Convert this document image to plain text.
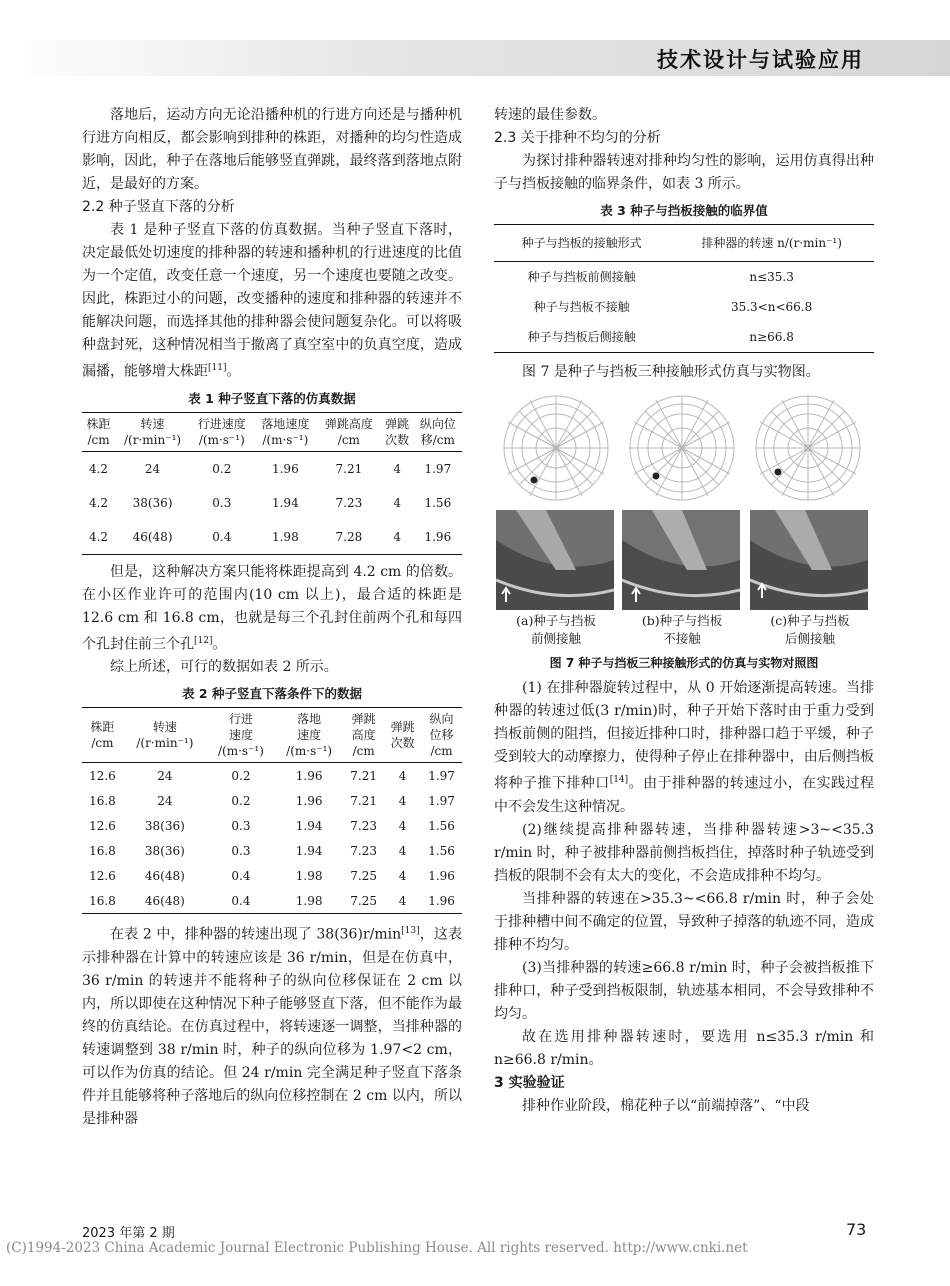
技术设计与试验应用

落地后，运动方向无论沿播种机的行进方向还是与播种机行进方向相反，都会影响到排种的株距，对播种的均匀性造成影响，因此，种子在落地后能够竖直弹跳，最终落到落地点附近，是最好的方案。

2.2 种子竖直下落的分析

表 1 是种子竖直下落的仿真数据。当种子竖直下落时，决定最低处切速度的排种器的转速和播种机的行进速度的比值为一个定值，改变任意一个速度，另一个速度也要随之改变。因此，株距过小的问题，改变播种的速度和排种器的转速并不能解决问题，而选择其他的排种器会使问题复杂化。可以将吸种盘封死，这种情况相当于撤离了真空室中的负真空度，造成漏播，能够增大株距[11]。

表 1 种子竖直下落的仿真数据
株距
/cm	转速
/(r·min⁻¹)	行进速度
/(m·s⁻¹)	落地速度
/(m·s⁻¹)	弹跳高度
/cm	弹跳
次数	纵向位
移/cm
4.2	24	0.2	1.96	7.21	4	1.97
4.2	38(36)	0.3	1.94	7.23	4	1.56
4.2	46(48)	0.4	1.98	7.28	4	1.96

但是，这种解决方案只能将株距提高到 4.2 cm 的倍数。在小区作业许可的范围内(10 cm 以上)，最合适的株距是 12.6 cm 和 16.8 cm，也就是每三个孔封住前两个孔和每四个孔封住前三个孔[12]。

综上所述，可行的数据如表 2 所示。

表 2 种子竖直下落条件下的数据
株距
/cm	转速
/(r·min⁻¹)	行进
速度
/(m·s⁻¹)	落地
速度
/(m·s⁻¹)	弹跳
高度
/cm	弹跳
次数	纵向
位移
/cm
12.6	24	0.2	1.96	7.21	4	1.97
16.8	24	0.2	1.96	7.21	4	1.97
12.6	38(36)	0.3	1.94	7.23	4	1.56
16.8	38(36)	0.3	1.94	7.23	4	1.56
12.6	46(48)	0.4	1.98	7.25	4	1.96
16.8	46(48)	0.4	1.98	7.25	4	1.96

在表 2 中，排种器的转速出现了 38(36)r/min[13]，这表示排种器在计算中的转速应该是 36 r/min，但是在仿真中，36 r/min 的转速并不能将种子的纵向位移保证在 2 cm 以内，所以即使在这种情况下种子能够竖直下落，但不能作为最终的仿真结论。在仿真过程中，将转速逐一调整，当排种器的转速调整到 38 r/min 时，种子的纵向位移为 1.97<2 cm，可以作为仿真的结论。但 24 r/min 完全满足种子竖直下落条件并且能够将种子落地后的纵向位移控制在 2 cm 以内，所以是排种器

转速的最佳参数。

2.3 关于排种不均匀的分析

为探讨排种器转速对排种均匀性的影响，运用仿真得出种子与挡板接触的临界条件，如表 3 所示。

表 3 种子与挡板接触的临界值
种子与挡板的接触形式	排种器的转速 n/(r·min⁻¹)
种子与挡板前侧接触	n≤35.3
种子与挡板不接触	35.3<n<66.8
种子与挡板后侧接触	n≥66.8

图 7 是种子与挡板三种接触形式仿真与实物图。

(a)种子与挡板
前侧接触
(b)种子与挡板
不接触
(c)种子与挡板
后侧接触
图 7 种子与挡板三种接触形式的仿真与实物对照图

(1) 在排种器旋转过程中，从 0 开始逐渐提高转速。当排种器的转速过低(3 r/min)时，种子开始下落时由于重力受到挡板前侧的阻挡，但接近排种口时，排种器口趋于平缓，种子受到较大的动摩擦力，使得种子停止在排种器中，由后侧挡板将种子推下排种口[14]。由于排种器的转速过小，在实践过程中不会发生这种情况。

(2)继续提高排种器转速，当排种器转速>3~<35.3 r/min 时，种子被排种器前侧挡板挡住，掉落时种子轨迹受到挡板的限制不会有太大的变化，不会造成排种不均匀。

当排种器的转速在>35.3~<66.8 r/min 时，种子会处于排种槽中间不确定的位置，导致种子掉落的轨迹不同，造成排种不均匀。

(3)当排种器的转速≥66.8 r/min 时，种子会被挡板推下排种口，种子受到挡板限制，轨迹基本相同，不会导致排种不均匀。

故在选用排种器转速时，要选用 n≤35.3 r/min 和 n≥66.8 r/min。

3 实验验证

排种作业阶段，棉花种子以“前端掉落”、“中段

2023 年第 2 期	73
(C)1994-2023 China Academic Journal Electronic Publishing House. All rights reserved. http://www.cnki.net
